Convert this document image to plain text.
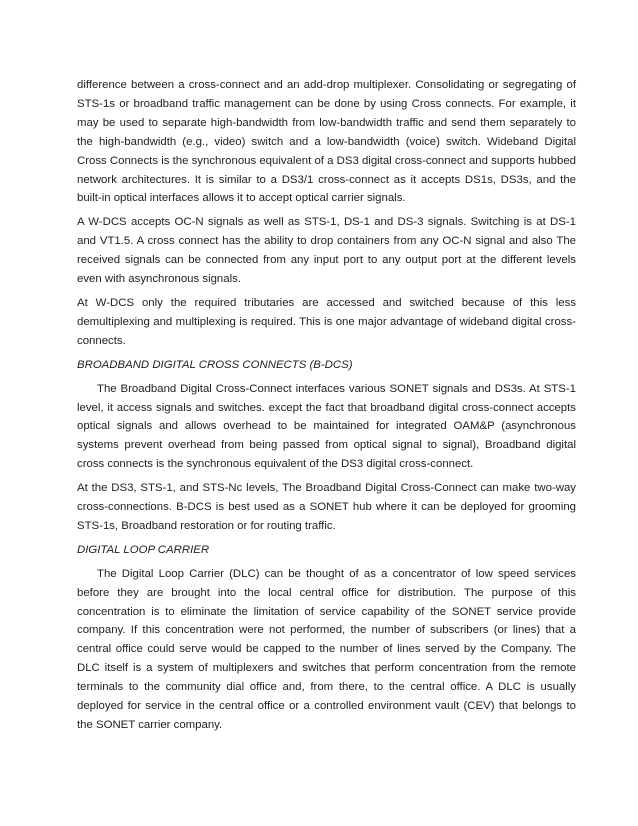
difference between a cross-connect and an add-drop multiplexer. Consolidating or segregating of STS-1s or broadband traffic management can be done by using Cross connects. For example, it may be used to separate high-bandwidth from low-bandwidth traffic and send them separately to the high-bandwidth (e.g., video) switch and a low-bandwidth (voice) switch. Wideband Digital Cross Connects is the synchronous equivalent of a DS3 digital cross-connect and supports hubbed network architectures. It is similar to a DS3/1 cross-connect as it accepts DS1s, DS3s, and the built-in optical interfaces allows it to accept optical carrier signals.

A W-DCS accepts OC-N signals as well as STS-1, DS-1 and DS-3 signals. Switching is at DS-1 and VT1.5. A cross connect has the ability to drop containers from any OC-N signal and also The received signals can be connected from any input port to any output port at the different levels even with asynchronous signals.

At W-DCS only the required tributaries are accessed and switched because of this less demultiplexing and multiplexing is required. This is one major advantage of wideband digital cross-connects.

BROADBAND DIGITAL CROSS CONNECTS (B-DCS)

The Broadband Digital Cross-Connect interfaces various SONET signals and DS3s. At STS-1 level, it access signals and switches. except the fact that broadband digital cross-connect accepts optical signals and allows overhead to be maintained for integrated OAM&P (asynchronous systems prevent overhead from being passed from optical signal to signal), Broadband digital cross connects is the synchronous equivalent of the DS3 digital cross-connect.

At the DS3, STS-1, and STS-Nc levels, The Broadband Digital Cross-Connect can make two-way cross-connections. B-DCS is best used as a SONET hub where it can be deployed for grooming STS-1s, Broadband restoration or for routing traffic.

DIGITAL LOOP CARRIER

The Digital Loop Carrier (DLC) can be thought of as a concentrator of low speed services before they are brought into the local central office for distribution. The purpose of this concentration is to eliminate the limitation of service capability of the SONET service provide company. If this concentration were not performed, the number of subscribers (or lines) that a central office could serve would be capped to the number of lines served by the Company. The DLC itself is a system of multiplexers and switches that perform concentration from the remote terminals to the community dial office and, from there, to the central office. A DLC is usually deployed for service in the central office or a controlled environment vault (CEV) that belongs to the SONET carrier company.
